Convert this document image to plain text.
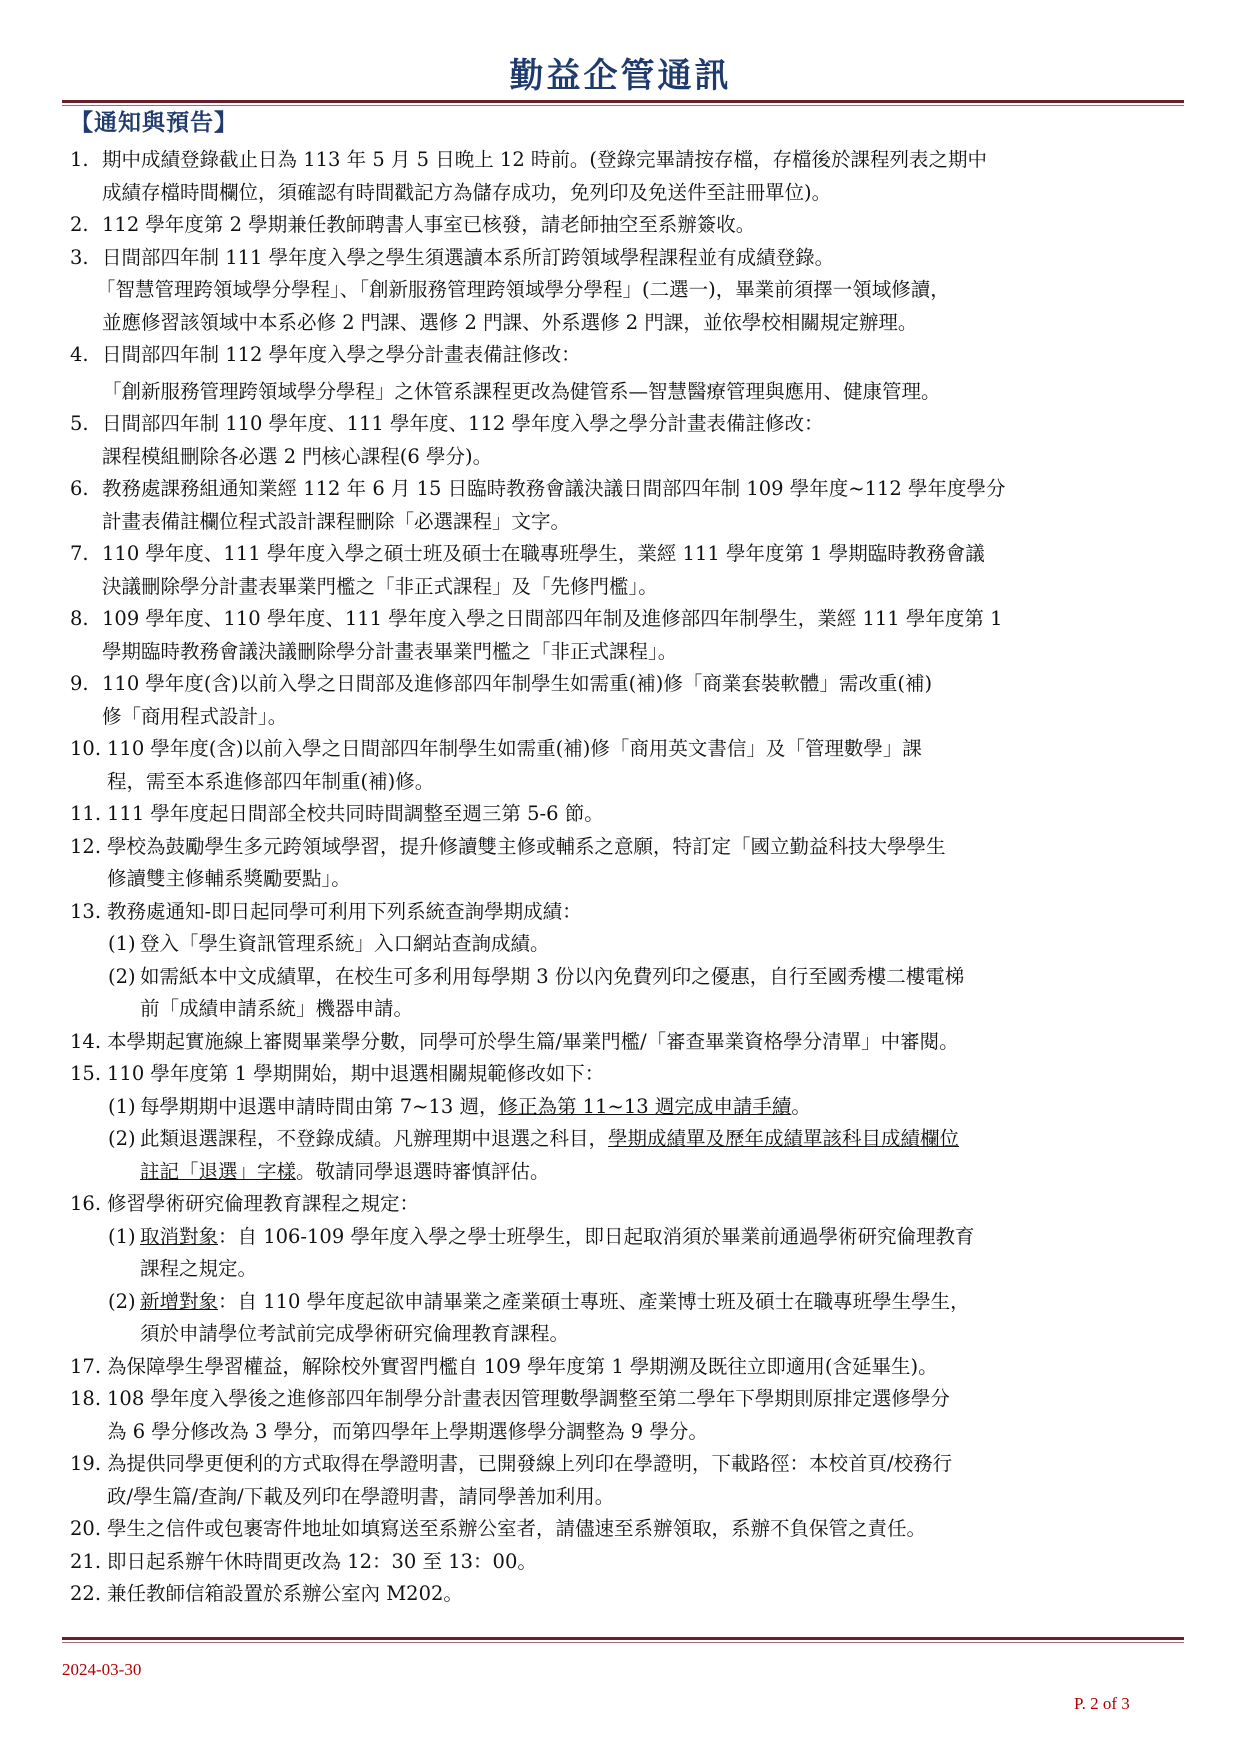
勤益企管通訊
【通知與預告】
1. 期中成績登錄截止日為 113 年 5 月 5 日晚上 12 時前。(登錄完畢請按存檔，存檔後於課程列表之期中
成績存檔時間欄位，須確認有時間戳記方為儲存成功，免列印及免送件至註冊單位)。
2. 112 學年度第 2 學期兼任教師聘書人事室已核發，請老師抽空至系辦簽收。
3. 日間部四年制 111 學年度入學之學生須選讀本系所訂跨領域學程課程並有成績登錄。
「智慧管理跨領域學分學程」、「創新服務管理跨領域學分學程」(二選一)，畢業前須擇一領域修讀，
並應修習該領域中本系必修 2 門課、選修 2 門課、外系選修 2 門課，並依學校相關規定辦理。
4. 日間部四年制 112 學年度入學之學分計畫表備註修改：
「創新服務管理跨領域學分學程」之休管系課程更改為健管系—智慧醫療管理與應用、健康管理。
5. 日間部四年制 110 學年度、111 學年度、112 學年度入學之學分計畫表備註修改：
課程模組刪除各必選 2 門核心課程(6 學分)。
6. 教務處課務組通知業經 112 年 6 月 15 日臨時教務會議決議日間部四年制 109 學年度~112 學年度學分
計畫表備註欄位程式設計課程刪除「必選課程」文字。
7. 110 學年度、111 學年度入學之碩士班及碩士在職專班學生，業經 111 學年度第 1 學期臨時教務會議
決議刪除學分計畫表畢業門檻之「非正式課程」及「先修門檻」。
8. 109 學年度、110 學年度、111 學年度入學之日間部四年制及進修部四年制學生，業經 111 學年度第 1
學期臨時教務會議決議刪除學分計畫表畢業門檻之「非正式課程」。
9. 110 學年度(含)以前入學之日間部及進修部四年制學生如需重(補)修「商業套裝軟體」需改重(補)
修「商用程式設計」。
10. 110 學年度(含)以前入學之日間部四年制學生如需重(補)修「商用英文書信」及「管理數學」課
程，需至本系進修部四年制重(補)修。
11. 111 學年度起日間部全校共同時間調整至週三第 5-6 節。
12. 學校為鼓勵學生多元跨領域學習，提升修讀雙主修或輔系之意願，特訂定「國立勤益科技大學學生
修讀雙主修輔系獎勵要點」。
13. 教務處通知-即日起同學可利用下列系統查詢學期成績：
(1) 登入「學生資訊管理系統」入口網站查詢成績。
(2) 如需紙本中文成績單，在校生可多利用每學期 3 份以內免費列印之優惠，自行至國秀樓二樓電梯
前「成績申請系統」機器申請。
14. 本學期起實施線上審閱畢業學分數，同學可於學生篇/畢業門檻/「審查畢業資格學分清單」中審閱。
15. 110 學年度第 1 學期開始，期中退選相關規範修改如下：
(1) 每學期期中退選申請時間由第 7~13 週，修正為第 11~13 週完成申請手續。
(2) 此類退選課程，不登錄成績。凡辦理期中退選之科目，學期成績單及歷年成績單該科目成績欄位
註記「退選」字樣。敬請同學退選時審慎評估。
16. 修習學術研究倫理教育課程之規定：
(1) 取消對象：自 106-109 學年度入學之學士班學生，即日起取消須於畢業前通過學術研究倫理教育
課程之規定。
(2) 新增對象：自 110 學年度起欲申請畢業之產業碩士專班、產業博士班及碩士在職專班學生學生，
須於申請學位考試前完成學術研究倫理教育課程。
17. 為保障學生學習權益，解除校外實習門檻自 109 學年度第 1 學期溯及既往立即適用(含延畢生)。
18. 108 學年度入學後之進修部四年制學分計畫表因管理數學調整至第二學年下學期則原排定選修學分
為 6 學分修改為 3 學分，而第四學年上學期選修學分調整為 9 學分。
19. 為提供同學更便利的方式取得在學證明書，已開發線上列印在學證明，下載路徑：本校首頁/校務行
政/學生篇/查詢/下載及列印在學證明書，請同學善加利用。
20. 學生之信件或包裹寄件地址如填寫送至系辦公室者，請儘速至系辦領取，系辦不負保管之責任。
21. 即日起系辦午休時間更改為 12：30 至 13：00。
22. 兼任教師信箱設置於系辦公室內 M202。
2024-03-30
P. 2 of 3
